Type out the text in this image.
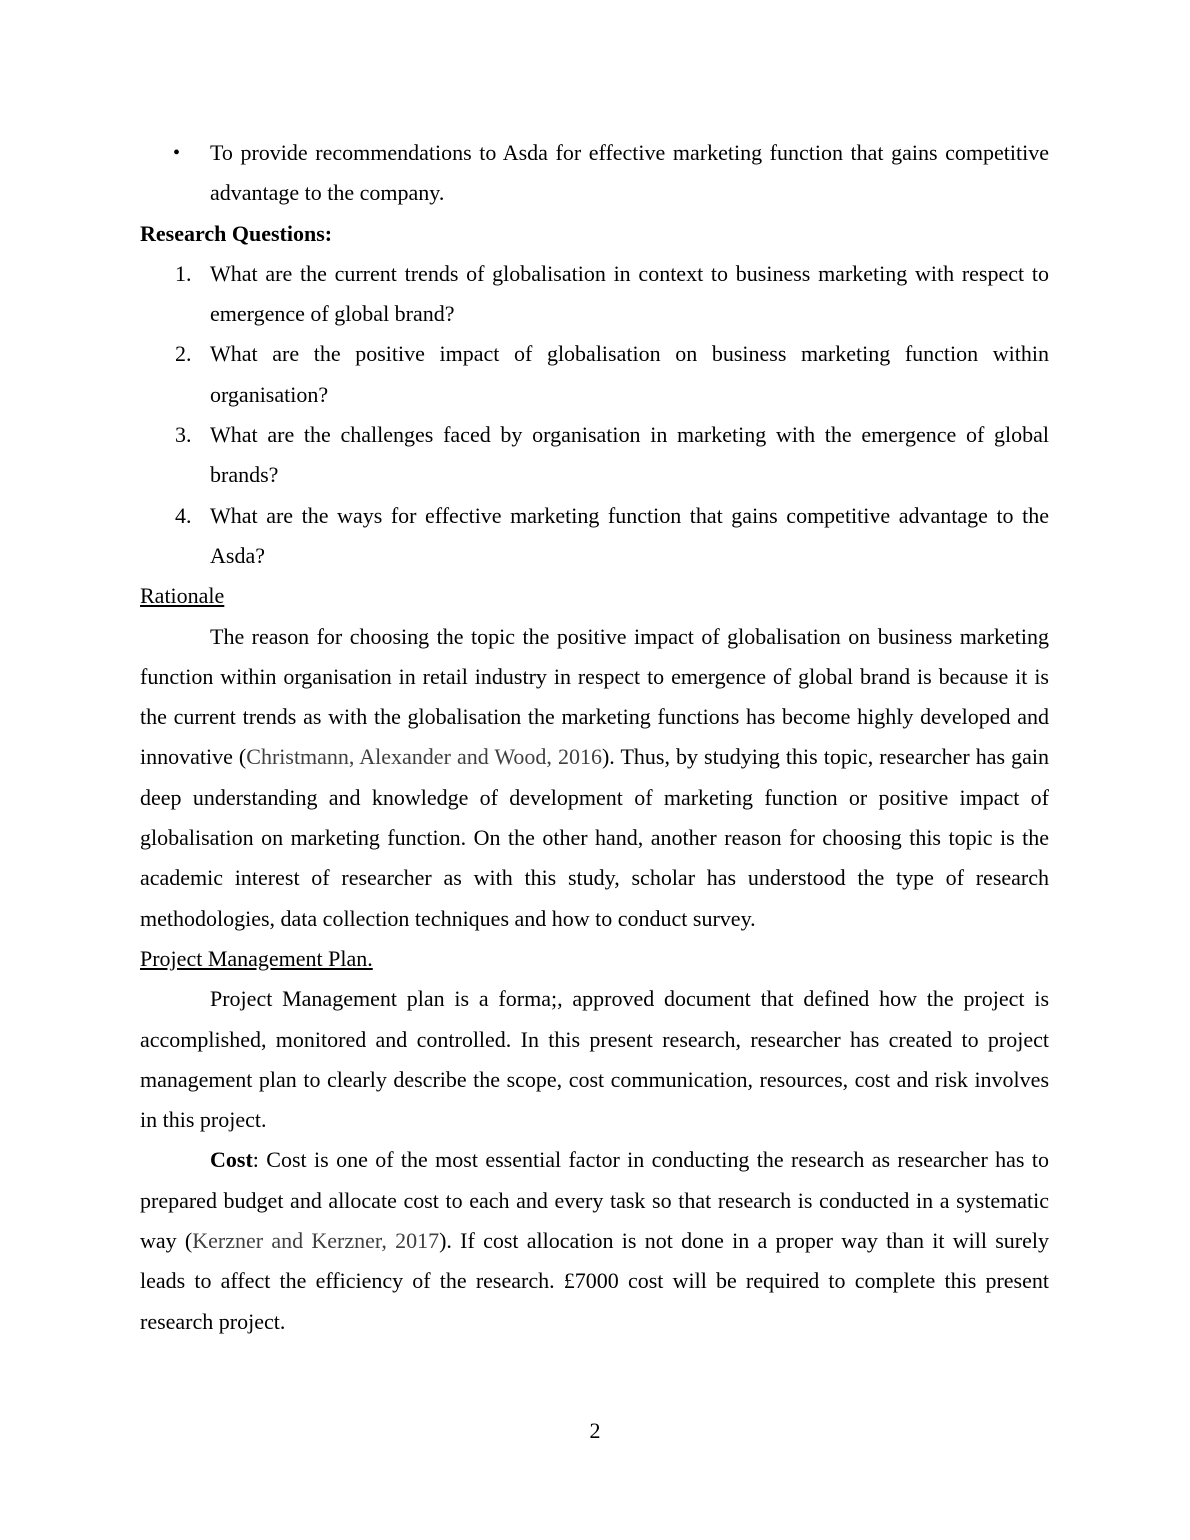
•	To provide recommendations to Asda for effective marketing function that gains competitive advantage to the company.

Research Questions:

1. What are the current trends of globalisation in context to business marketing with respect to emergence of global brand?
2. What are the positive impact of globalisation on business marketing function within organisation?
3. What are the challenges faced by organisation in marketing with the emergence of global brands?
4. What are the ways for effective marketing function that gains competitive advantage to the Asda?

Rationale

The reason for choosing the topic the positive impact of globalisation on business marketing function within organisation in retail industry in respect to emergence of global brand is because it is the current trends as with the globalisation the marketing functions has become highly developed and innovative (Christmann, Alexander and Wood, 2016). Thus, by studying this topic, researcher has gain deep understanding and knowledge of development of marketing function or positive impact of globalisation on marketing function. On the other hand, another reason for choosing this topic is the academic interest of researcher as with this study, scholar has understood the type of research methodologies, data collection techniques and how to conduct survey.

Project Management Plan.

Project Management plan is a forma;, approved document that defined how the project is accomplished, monitored and controlled. In this present research, researcher has created to project management plan to clearly describe the scope, cost communication, resources, cost and risk involves in this project.

Cost: Cost is one of the most essential factor in conducting the research as researcher has to prepared budget and allocate cost to each and every task so that research is conducted in a systematic way (Kerzner and Kerzner, 2017). If cost allocation is not done in a proper way than it will surely leads to affect the efficiency of the research. £7000 cost will be required to complete this present research project.

2
